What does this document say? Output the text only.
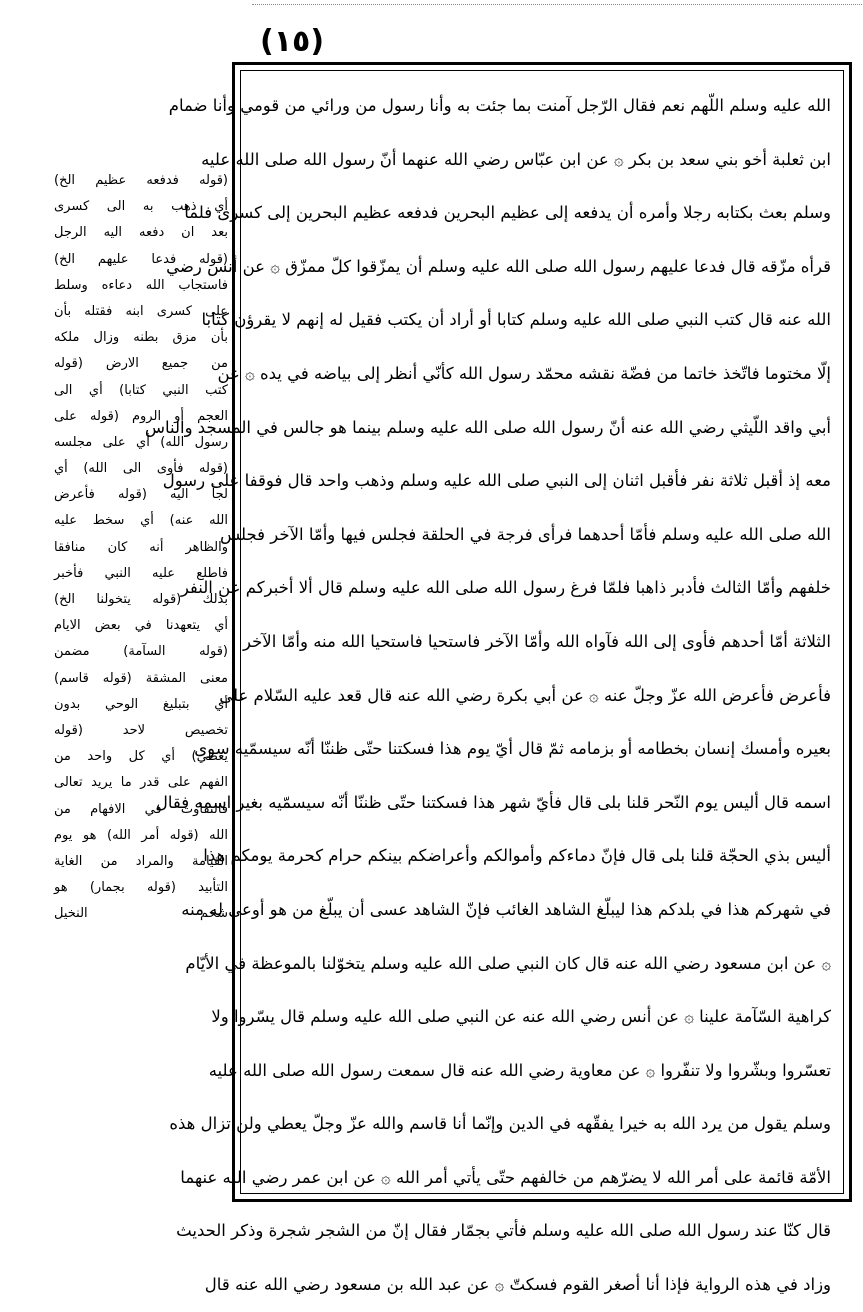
(١٥)
الله عليه وسلم اللّهم نعم فقال الرّجل آمنت بما جئت به وأنا رسول من ورائي من قومي وأنا ضمام
ابن ثعلبة أخو بني سعد بن بكر ۞ عن ابن عبّاس رضي الله عنهما أنّ رسول الله صلى الله عليه
وسلم بعث بكتابه رجلا وأمره أن يدفعه إلى عظيم البحرين فدفعه عظيم البحرين إلى كسرى فلما
قرأه مزّقه قال فدعا عليهم رسول الله صلى الله عليه وسلم أن يمزّقوا كلّ ممزّق ۞ عن أنس رضي
الله عنه قال كتب النبي صلى الله عليه وسلم كتابا أو أراد أن يكتب فقيل له إنهم لا يقرؤن كتابا
إلّا مختوما فاتّخذ خاتما من فضّة نقشه محمّد رسول الله كأنّي أنظر إلى بياضه في يده ۞ عن
أبي واقد اللّيثي رضي الله عنه أنّ رسول الله صلى الله عليه وسلم بينما هو جالس في المسجد والناس
معه إذ أقبل ثلاثة نفر فأقبل اثنان إلى النبي صلى الله عليه وسلم وذهب واحد قال فوقفا على رسول
الله صلى الله عليه وسلم فأمّا أحدهما فرأى فرجة في الحلقة فجلس فيها وأمّا الآخر فجلس
خلفهم وأمّا الثالث فأدبر ذاهبا فلمّا فرغ رسول الله صلى الله عليه وسلم قال ألا أخبركم عن النفر
الثلاثة أمّا أحدهم فأوى إلى الله فآواه الله وأمّا الآخر فاستحيا فاستحيا الله منه وأمّا الآخر
فأعرض فأعرض الله عزّ وجلّ عنه ۞ عن أبي بكرة رضي الله عنه قال قعد عليه السّلام على
بعيره وأمسك إنسان بخطامه أو بزمامه ثمّ قال أيّ يوم هذا فسكتنا حتّى ظننّا أنّه سيسمّيه سوى
اسمه قال أليس يوم النّحر قلنا بلى قال فأيّ شهر هذا فسكتنا حتّى ظننّا أنّه سيسمّيه بغير اسمه فقال
أليس بذي الحجّة قلنا بلى قال فإنّ دماءكم وأموالكم وأعراضكم بينكم حرام كحرمة يومكم هذا
في شهركم هذا في بلدكم هذا ليبلّغ الشاهد الغائب فإنّ الشاهد عسى أن يبلّغ من هو أوعى له منه
۞ عن ابن مسعود رضي الله عنه قال كان النبي صلى الله عليه وسلم يتخوّلنا بالموعظة في الأيّام
كراهية السّآمة علينا ۞ عن أنس رضي الله عنه عن النبي صلى الله عليه وسلم قال يسّروا ولا
تعسّروا وبشّروا ولا تنفّروا ۞ عن معاوية رضي الله عنه قال سمعت رسول الله صلى الله عليه
وسلم يقول من يرد الله به خيرا يفقّهه في الدين وإنّما أنا قاسم والله عزّ وجلّ يعطي ولن تزال هذه
الأمّة قائمة على أمر الله لا يضرّهم من خالفهم حتّى يأتي أمر الله ۞ عن ابن عمر رضي الله عنهما
قال كنّا عند رسول الله صلى الله عليه وسلم فأتي بجمّار فقال إنّ من الشجر شجرة وذكر الحديث
وزاد في هذه الرواية فإذا أنا أصغر القوم فسكتّ ۞ عن عبد الله بن مسعود رضي الله عنه قال
(قوله فدفعه عظيم الخ)
أي ذهب به الى كسرى
بعد ان دفعه اليه الرجل
(قوله فدعا عليهم الخ)
فاستجاب الله دعاءه وسلط
على كسرى ابنه فقتله بأن
بأن مزق بطنه وزال ملكه
من جميع الارض (قوله
كتب النبي كتابا) أي الى
العجم أو الروم (قوله على
رسول الله) أي على مجلسه
(قوله فأوى الى الله) أي
لجأ اليه (قوله فأعرض
الله عنه) أي سخط عليه
والظاهر أنه كان منافقا
فاطلع عليه النبي فأخبر
بذلك (قوله يتخولنا الخ)
أي يتعهدنا في بعض الايام
(قوله السآمة) مضمن
معنى المشقة (قوله قاسم)
أي بتبليغ الوحي بدون
تخصيص لاحد (قوله
يعطي) أي كل واحد من
الفهم على قدر ما يريد تعالى
فالتفاوت في الافهام من
الله (قوله أمر الله) هو يوم
القيامة والمراد من الغاية
التأبيد (قوله بجمار) هو
شحم النخيل
